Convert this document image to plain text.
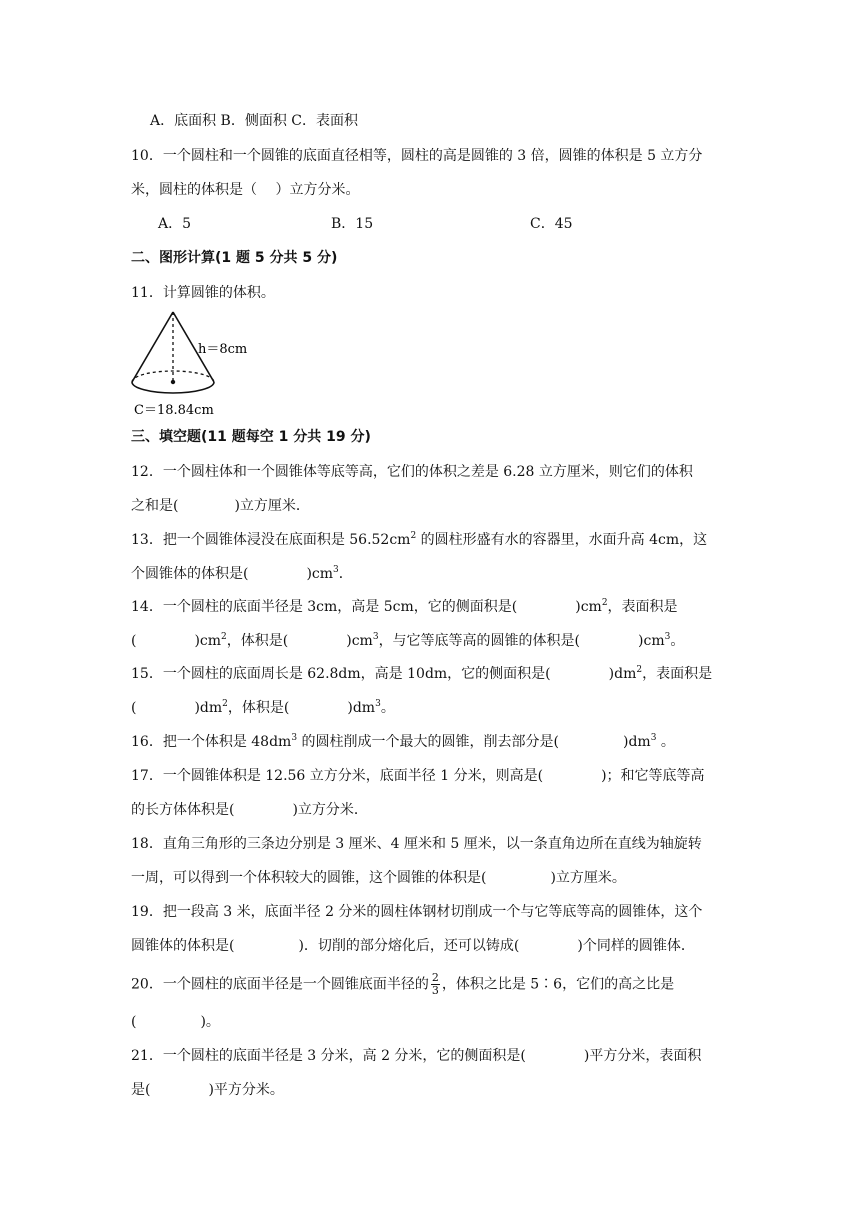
A．底面积 B．侧面积 C．表面积
10．一个圆柱和一个圆锥的底面直径相等，圆柱的高是圆锥的 3 倍，圆锥的体积是 5 立方分
米，圆柱的体积是（　 ）立方分米。
A．5	B．15	C．45
二、图形计算(1 题 5 分共 5 分)
11．计算圆锥的体积。
h＝8cm
C＝18.84cm
三、填空题(11 题每空 1 分共 19 分)
12．一个圆柱体和一个圆锥体等底等高，它们的体积之差是 6.28 立方厘米，则它们的体积
之和是(	)立方厘米．
13．把一个圆锥体浸没在底面积是 $56.52cm^2$ 的圆柱形盛有水的容器里，水面升高 4cm，这
个圆锥体的体积是(	)$cm^3$．
14．一个圆柱的底面半径是 3cm，高是 5cm，它的侧面积是(	)$cm^2$，表面积是
(	)$cm^2$，体积是(	)$cm^3$，与它等底等高的圆锥的体积是(	)$cm^3$。
15．一个圆柱的底面周长是 62.8dm，高是 10dm，它的侧面积是(	)$dm^2$，表面积是
(	)$dm^2$，体积是(	)$dm^3$。
16．把一个体积是 $48dm^3$ 的圆柱削成一个最大的圆锥，削去部分是(	)$dm^3$ 。
17．一个圆锥体积是 12.56 立方分米，底面半径 1 分米，则高是(	)；和它等底等高
的长方体体积是(	)立方分米．
18．直角三角形的三条边分别是 3 厘米、4 厘米和 5 厘米，以一条直角边所在直线为轴旋转
一周，可以得到一个体积较大的圆锥，这个圆锥的体积是(	)立方厘米。
19．把一段高 3 米，底面半径 2 分米的圆柱体钢材切削成一个与它等底等高的圆锥体，这个
圆锥体的体积是(	)．切削的部分熔化后，还可以铸成(	)个同样的圆锥体．
20．一个圆柱的底面半径是一个圆锥底面半径的 $\frac{2}{3}$ ，体积之比是 5∶6，它们的高之比是
(	)。
21．一个圆柱的底面半径是 3 分米，高 2 分米，它的侧面积是(	)平方分米，表面积
是(	)平方分米。
